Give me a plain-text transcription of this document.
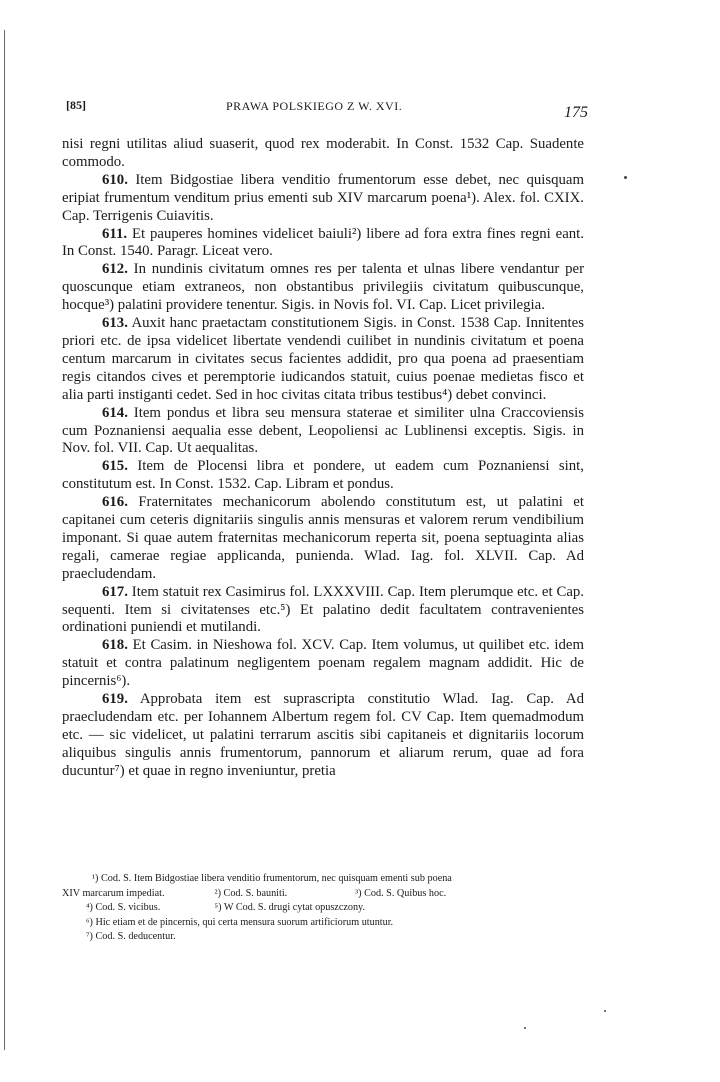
[85]	PRAWA POLSKIEGO Z W. XVI.	175

nisi regni utilitas aliud suaserit, quod rex moderabit. In Const. 1532 Cap. Suadente commodo.

610. Item Bidgostiae libera venditio frumentorum esse debet, nec quisquam eripiat frumentum venditum prius ementi sub XIV marcarum poena¹). Alex. fol. CXIX. Cap. Terrigenis Cuiavitis.

611. Et pauperes homines videlicet baiuli²) libere ad fora extra fines regni eant. In Const. 1540. Paragr. Liceat vero.

612. In nundinis civitatum omnes res per talenta et ulnas libere vendantur per quoscunque etiam extraneos, non obstantibus privilegiis civitatum quibuscunque, hocque³) palatini providere tenentur. Sigis. in Novis fol. VI. Cap. Licet privilegia.

613. Auxit hanc praetactam constitutionem Sigis. in Const. 1538 Cap. Innitentes priori etc. de ipsa videlicet libertate vendendi cuilibet in nundinis civitatum et poena centum marcarum in civitates secus facientes addidit, pro qua poena ad praesentiam regis citandos cives et peremptorie iudicandos statuit, cuius poenae medietas fisco et alia parti instiganti cedet. Sed in hoc civitas citata tribus testibus⁴) debet convinci.

614. Item pondus et libra seu mensura staterae et similiter ulna Craccoviensis cum Poznaniensi aequalia esse debent, Leopoliensi ac Lublinensi exceptis. Sigis. in Nov. fol. VII. Cap. Ut aequalitas.

615. Item de Plocensi libra et pondere, ut eadem cum Poznaniensi sint, constitutum est. In Const. 1532. Cap. Libram et pondus.

616. Fraternitates mechanicorum abolendo constitutum est, ut palatini et capitanei cum ceteris dignitariis singulis annis mensuras et valorem rerum vendibilium imponant. Si quae autem fraternitas mechanicorum reperta sit, poena septuaginta alias regali, camerae regiae applicanda, punienda. Wlad. Iag. fol. XLVII. Cap. Ad praecludendam.

617. Item statuit rex Casimirus fol. LXXXVIII. Cap. Item plerumque etc. et Cap. sequenti. Item si civitatenses etc.⁵) Et palatino dedit facultatem contravenientes ordinationi puniendi et mutilandi.

618. Et Casim. in Nieshowa fol. XCV. Cap. Item volumus, ut quilibet etc. idem statuit et contra palatinum negligentem poenam regalem magnam addidit. Hic de pincernis⁶).

619. Approbata item est suprascripta constitutio Wlad. Iag. Cap. Ad praecludendam etc. per Iohannem Albertum regem fol. CV Cap. Item quemadmodum etc. — sic videlicet, ut palatini terrarum ascitis sibi capitaneis et dignitariis locorum aliquibus singulis annis frumentorum, pannorum et aliarum rerum, quae ad fora ducuntur⁷) et quae in regno inveniuntur, pretia

¹) Cod. S. Item Bidgostiae libera venditio frumentorum, nec quisquam ementi sub poena
XIV marcarum impediat.	²) Cod. S. bauniti.	³) Cod. S. Quibus hoc.
⁴) Cod. S. vicibus.	⁵) W Cod. S. drugi cytat opuszczony.
⁶) Hic etiam et de pincernis, qui certa mensura suorum artificiorum utuntur.
⁷) Cod. S. deducentur.
